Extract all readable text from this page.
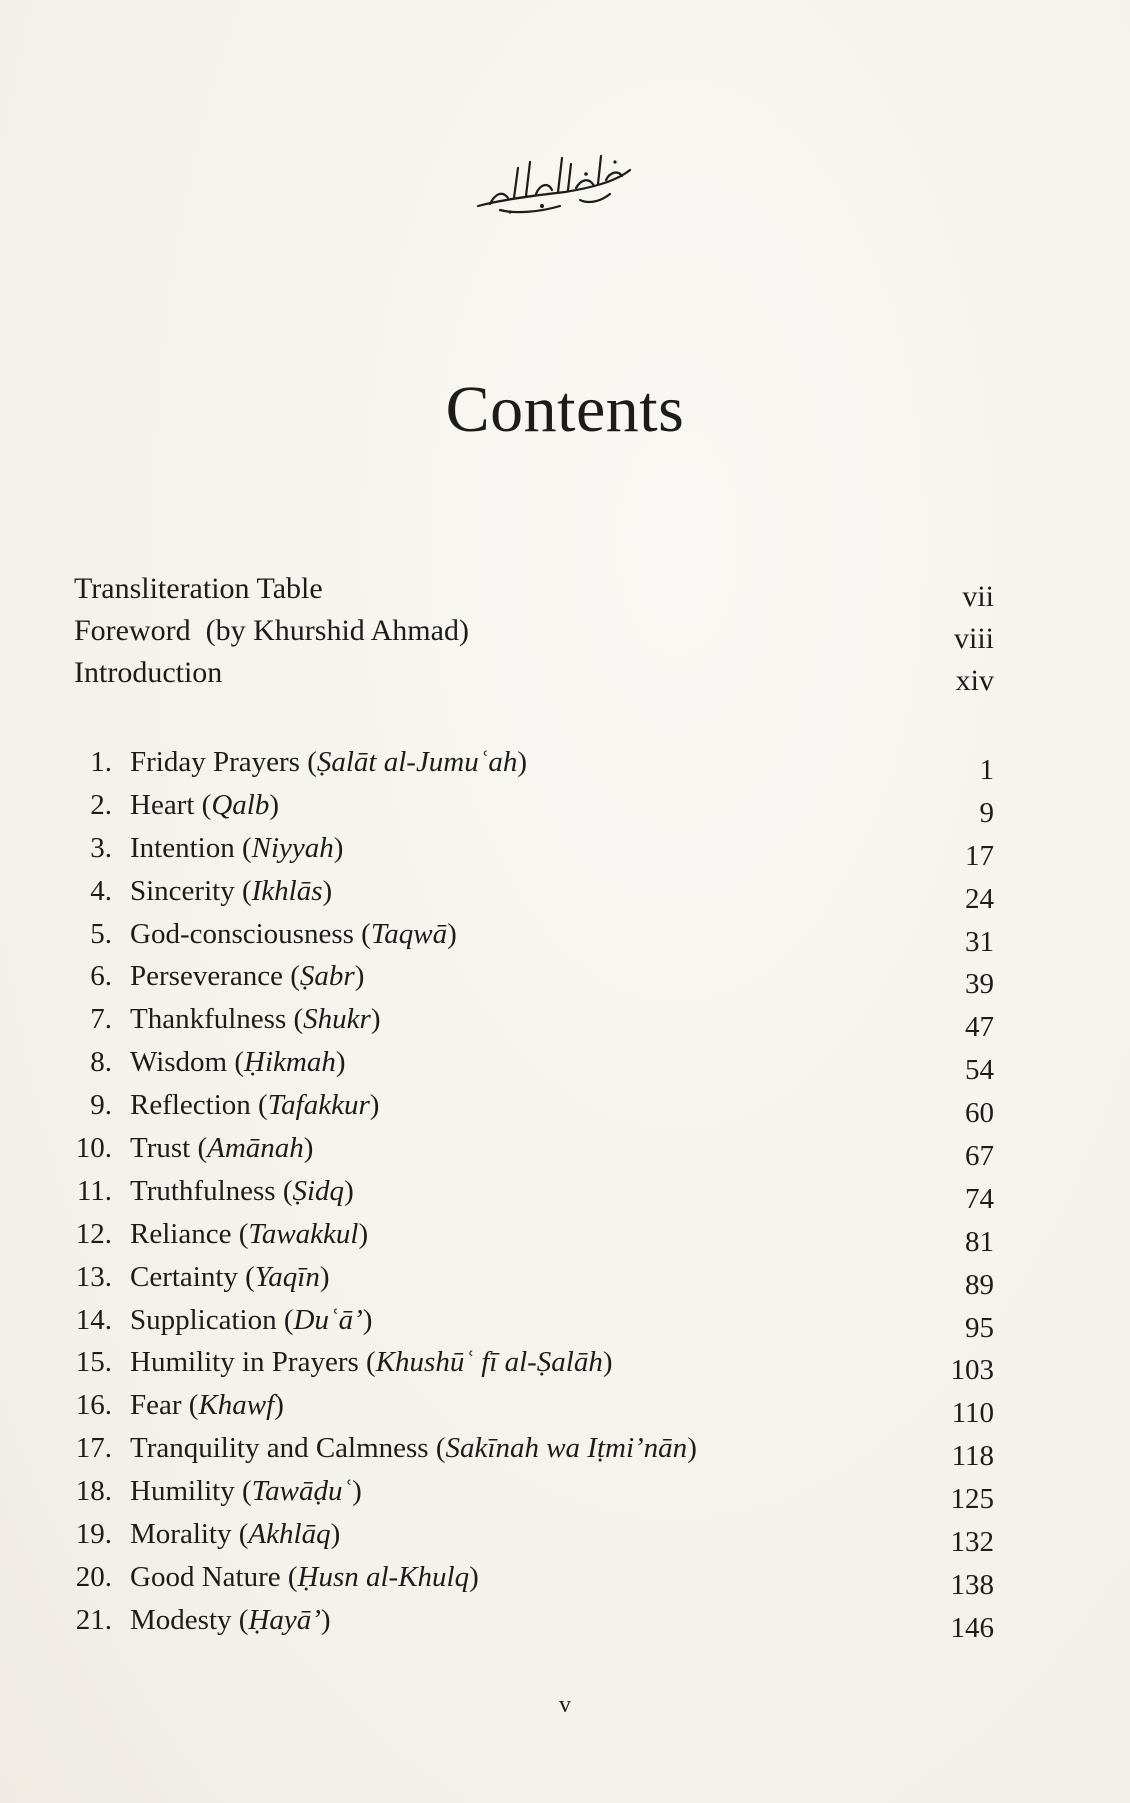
Contents
Transliteration Table	vii
Foreword  (by Khurshid Ahmad)	viii
Introduction	xiv
1. Friday Prayers (Ṣalāt al-Jumuʿah)	1
2. Heart (Qalb)	9
3. Intention (Niyyah)	17
4. Sincerity (Ikhlās)	24
5. God-consciousness (Taqwā)	31
6. Perseverance (Ṣabr)	39
7. Thankfulness (Shukr)	47
8. Wisdom (Ḥikmah)	54
9. Reflection (Tafakkur)	60
10. Trust (Amānah)	67
11. Truthfulness (Ṣidq)	74
12. Reliance (Tawakkul)	81
13. Certainty (Yaqīn)	89
14. Supplication (Duʿā’)	95
15. Humility in Prayers (Khushūʿ fī al-Ṣalāh)	103
16. Fear (Khawf)	110
17. Tranquility and Calmness (Sakīnah wa Iṭmi’nān)	118
18. Humility (Tawāḍuʿ)	125
19. Morality (Akhlāq)	132
20. Good Nature (Ḥusn al-Khulq)	138
21. Modesty (Ḥayā’)	146
v
